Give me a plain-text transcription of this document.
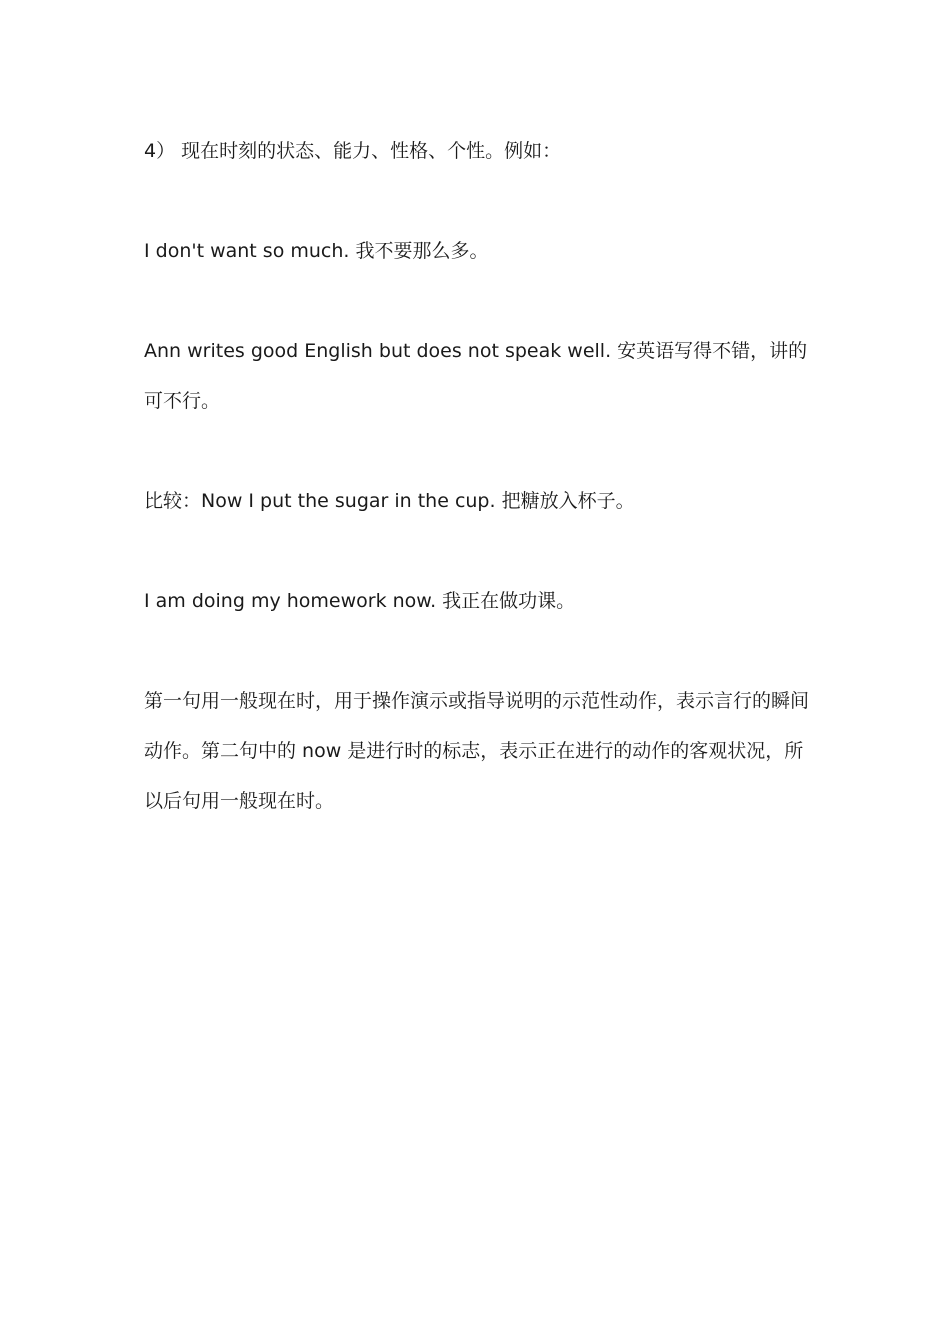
4） 现在时刻的状态、能力、性格、个性。例如：

I don't want so much. 我不要那么多。

Ann writes good English but does not speak well. 安英语写得不错，讲的可不行。

比较：Now I put the sugar in the cup. 把糖放入杯子。

I am doing my homework now. 我正在做功课。

第一句用一般现在时，用于操作演示或指导说明的示范性动作，表示言行的瞬间动作。第二句中的 now 是进行时的标志，表示正在进行的动作的客观状况，所以后句用一般现在时。
